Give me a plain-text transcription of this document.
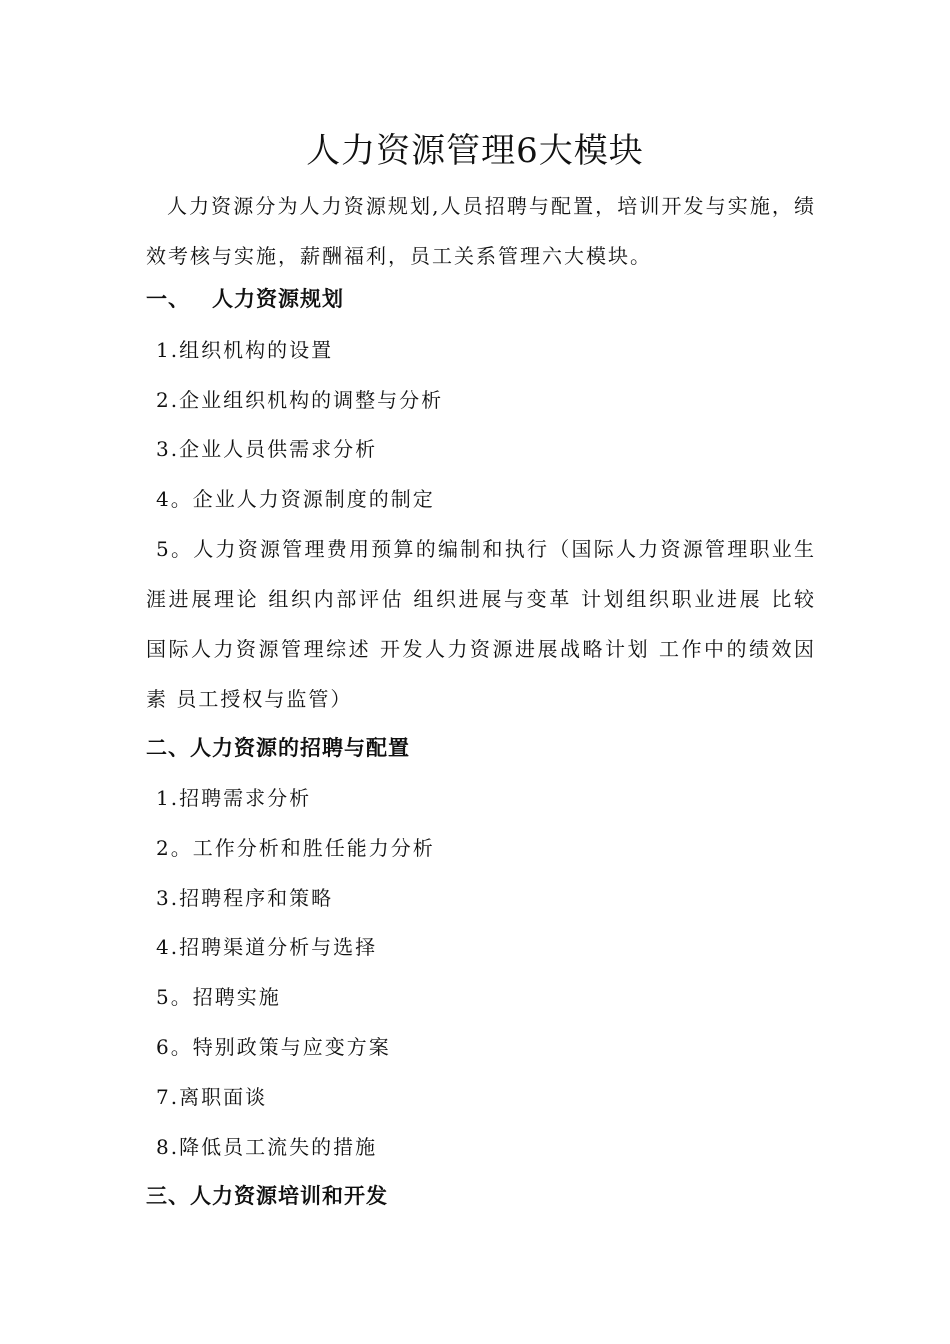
人力资源管理6大模块

人力资源分为人力资源规划,人员招聘与配置，培训开发与实施，绩效考核与实施，薪酬福利，员工关系管理六大模块。

一、 人力资源规划

1.组织机构的设置

2.企业组织机构的调整与分析

3.企业人员供需求分析

4。企业人力资源制度的制定

5。人力资源管理费用预算的编制和执行（国际人力资源管理职业生涯进展理论 组织内部评估 组织进展与变革 计划组织职业进展 比较国际人力资源管理综述 开发人力资源进展战略计划 工作中的绩效因素 员工授权与监管）

二、人力资源的招聘与配置

1.招聘需求分析

2。工作分析和胜任能力分析

3.招聘程序和策略

4.招聘渠道分析与选择

5。招聘实施

6。特别政策与应变方案

7.离职面谈

8.降低员工流失的措施

三、人力资源培训和开发
